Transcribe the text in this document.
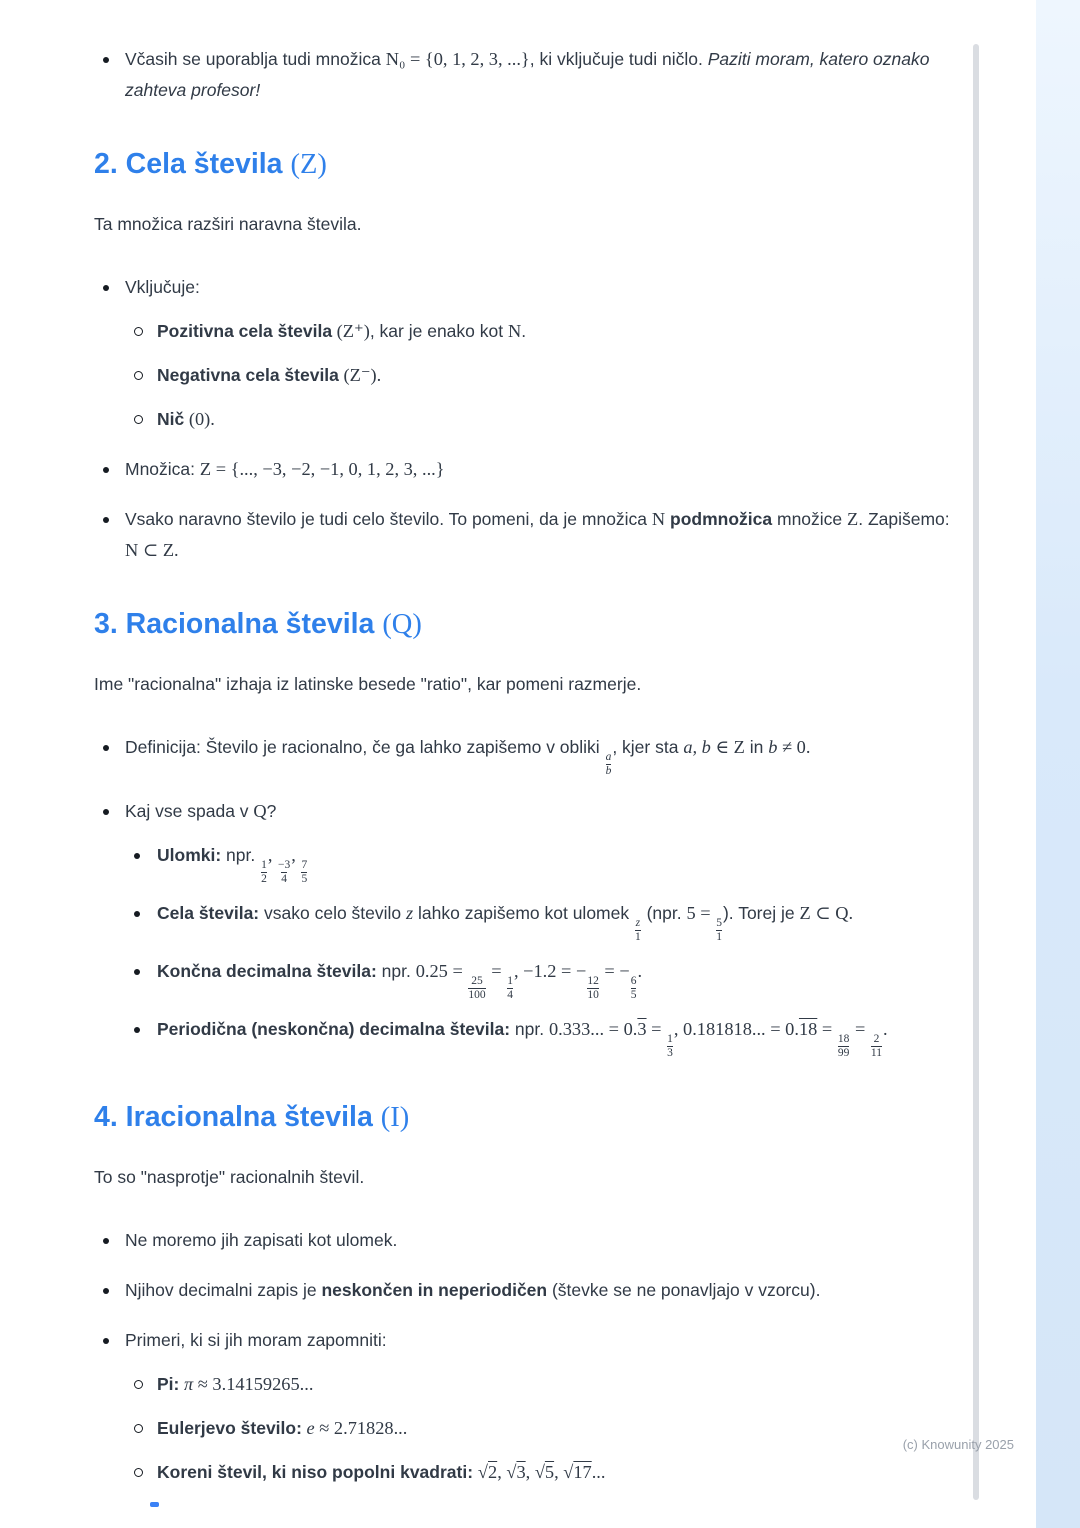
Včasih se uporablja tudi množica N₀ = {0, 1, 2, 3, ...}, ki vključuje tudi ničlo. Paziti moram, katero oznako zahteva profesor!
2. Cela števila (Z)

Ta množica razširi naravna števila.

Vključuje:
Pozitivna cela števila (Z⁺), kar je enako kot N.
Negativna cela števila (Z⁻).
Nič (0).
Množica: Z = {..., −3, −2, −1, 0, 1, 2, 3, ...}
Vsako naravno število je tudi celo število. To pomeni, da je množica N podmnožica množice Z. Zapišemo: N ⊂ Z.
3. Racionalna števila (Q)

Ime "racionalna" izhaja iz latinske besede "ratio", kar pomeni razmerje.

Definicija: Število je racionalno, če ga lahko zapišemo v obliki
$\frac{a}{b}$
, kjer sta a, b ∈ Z in b ≠ 0.
Kaj vse spada v Q?
Ulomki: npr.
$\frac{1}{2}$
,
$\frac{-3}{4}$
,
$\frac{7}{5}$
Cela števila: vsako celo število z lahko zapišemo kot ulomek
$\frac{z}{1}$
(npr. 5 =
$\frac{5}{1}$
). Torej je Z ⊂ Q.
Končna decimalna števila: npr. 0.25 =
$\frac{25}{100}$
=
$\frac{1}{4}$
, −1.2 = −
$\frac{12}{10}$
= −
$\frac{6}{5}$
.
Periodična (neskončna) decimalna števila: npr. 0.333... = 0.3 =
$\frac{1}{3}$
, 0.181818... = 0.18 =
$\frac{18}{99}$
=
$\frac{2}{11}$
.
4. Iracionalna števila (I)

To so "nasprotje" racionalnih števil.

Ne moremo jih zapisati kot ulomek.
Njihov decimalni zapis je neskončen in neperiodičen (števke se ne ponavljajo v vzorcu).
Primeri, ki si jih moram zapomniti:
Pi: π ≈ 3.14159265...
Eulerjevo število: e ≈ 2.71828...
Koreni števil, ki niso popolni kvadrati: √2, √3, √5, √17...
(c) Knowunity 2025
